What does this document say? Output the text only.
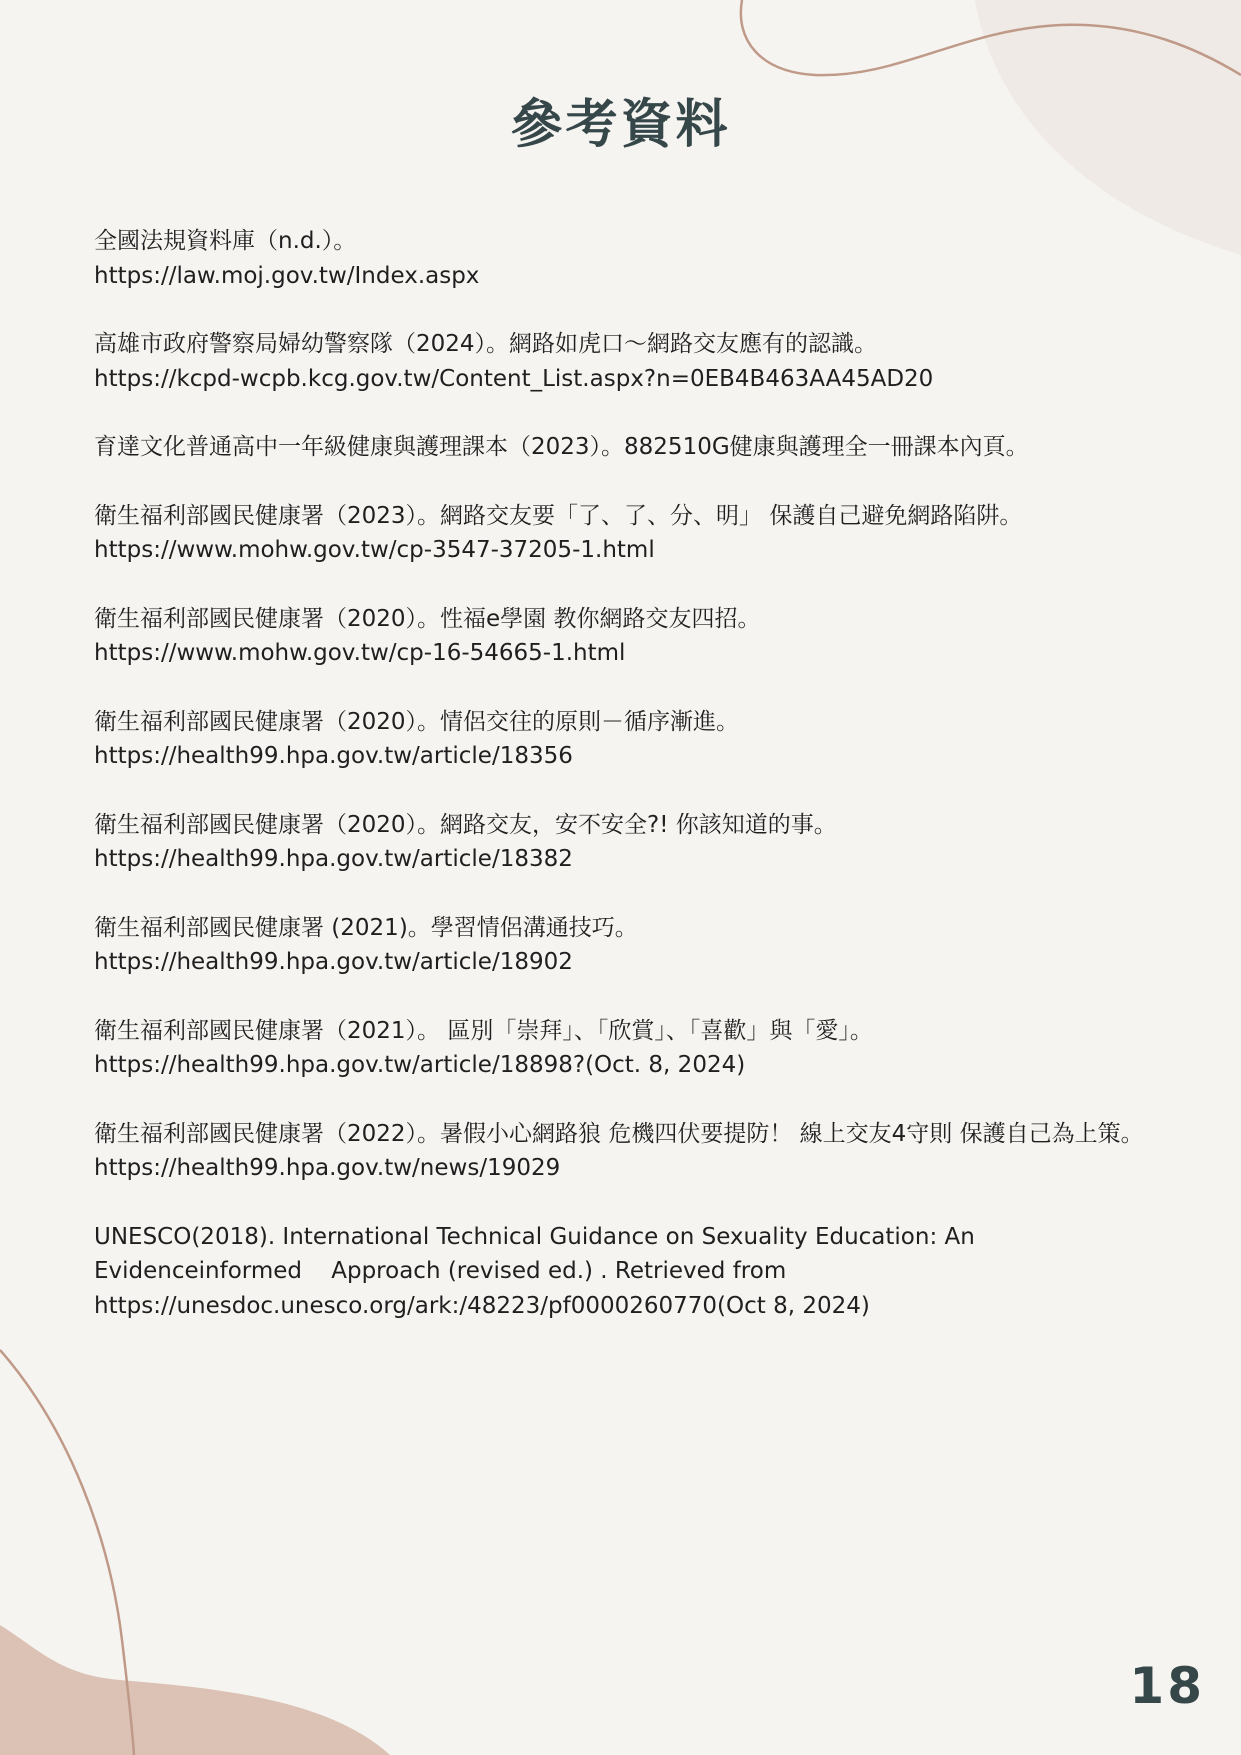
參考資料
全國法規資料庫（n.d.）。
https://law.moj.gov.tw/Index.aspx
高雄市政府警察局婦幼警察隊（2024）。網路如虎口～網路交友應有的認識。
https://kcpd-wcpb.kcg.gov.tw/Content_List.aspx?n=0EB4B463AA45AD20
育達文化普通高中一年級健康與護理課本（2023）。882510G健康與護理全一冊課本內頁。
衛生福利部國民健康署（2023）。網路交友要「了、了、分、明」 保護自己避免網路陷阱。
https://www.mohw.gov.tw/cp-3547-37205-1.html
衛生福利部國民健康署（2020）。性福e學園 教你網路交友四招。
https://www.mohw.gov.tw/cp-16-54665-1.html
衛生福利部國民健康署（2020）。情侶交往的原則－循序漸進。
https://health99.hpa.gov.tw/article/18356
衛生福利部國民健康署（2020）。網路交友，安不安全?! 你該知道的事。
https://health99.hpa.gov.tw/article/18382
衛生福利部國民健康署 (2021)。學習情侶溝通技巧。
https://health99.hpa.gov.tw/article/18902
衛生福利部國民健康署（2021）。 區別「崇拜」、「欣賞」、「喜歡」與「愛」。
https://health99.hpa.gov.tw/article/18898?(Oct. 8, 2024)
衛生福利部國民健康署（2022）。暑假小心網路狼 危機四伏要提防！ 線上交友4守則 保護自己為上策。
https://health99.hpa.gov.tw/news/19029
UNESCO(2018). International Technical Guidance on Sexuality Education: An
Evidenceinformed    Approach (revised ed.) . Retrieved from
https://unesdoc.unesco.org/ark:/48223/pf0000260770(Oct 8, 2024)
18
